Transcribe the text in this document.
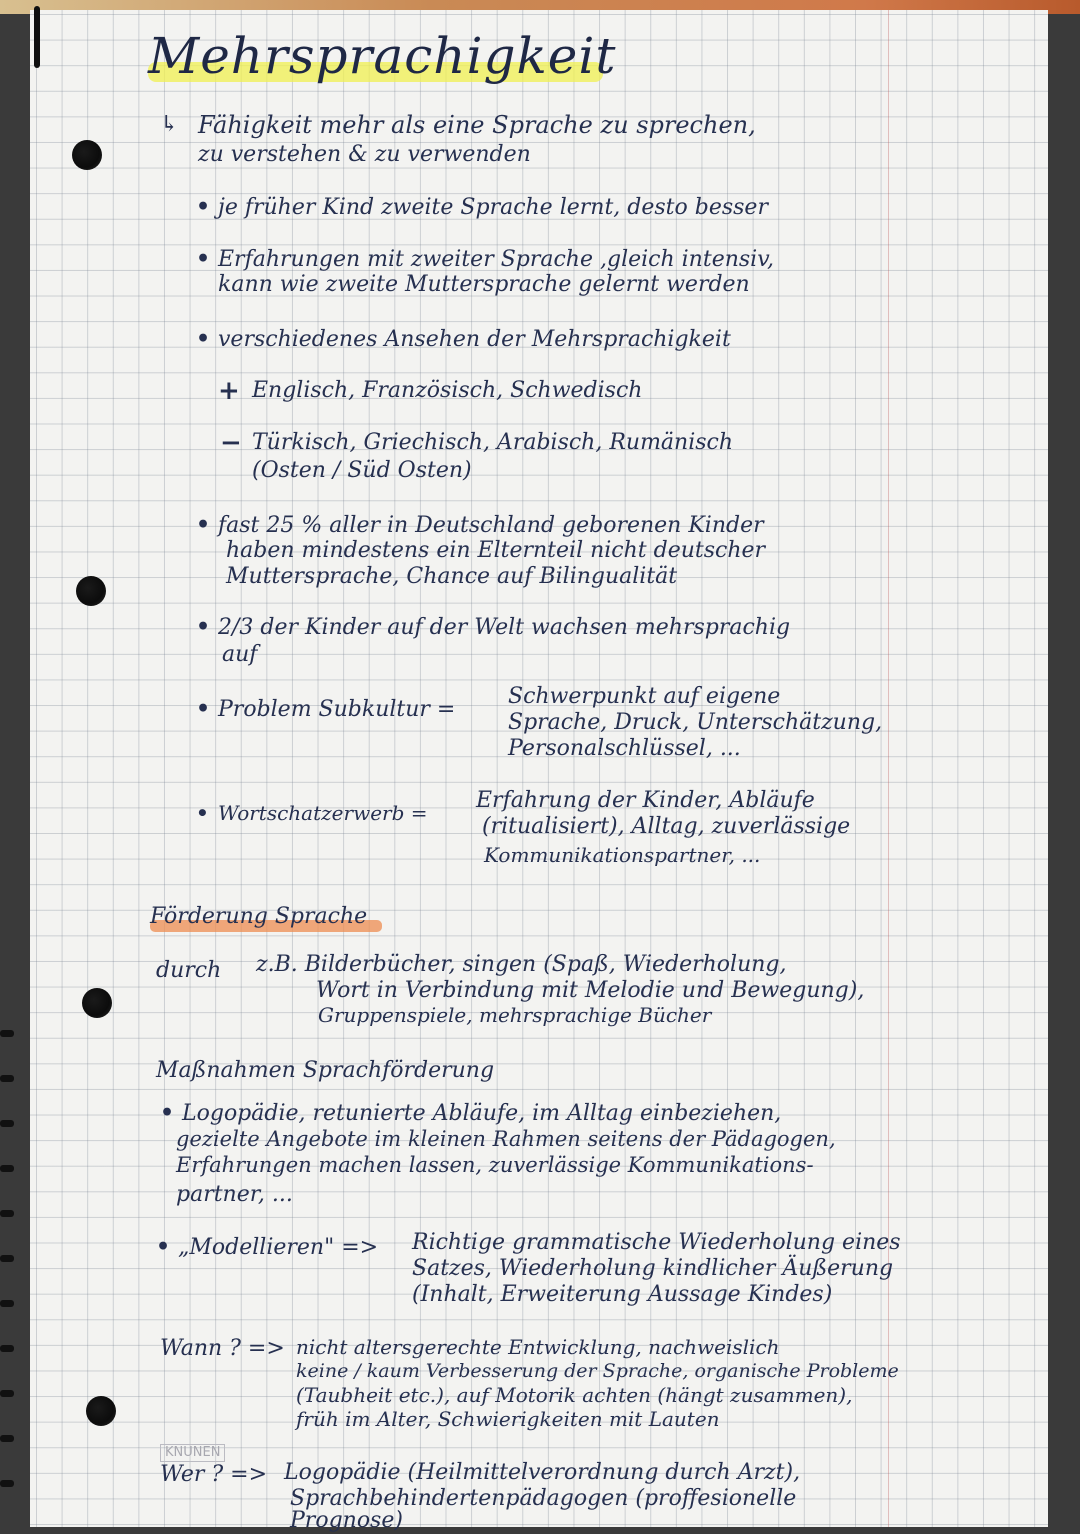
Mehrsprachigkeit
↳ Fähigkeit mehr als eine Sprache zu sprechen,
zu verstehen & zu verwenden
• je früher Kind zweite Sprache lernt, desto besser
• Erfahrungen mit zweiter Sprache ,gleich intensiv,
kann wie zweite Muttersprache gelernt werden
• verschiedenes Ansehen der Mehrsprachigkeit
+ Englisch, Französisch, Schwedisch
− Türkisch, Griechisch, Arabisch, Rumänisch
(Osten / Süd Osten)
• fast 25 % aller in Deutschland geborenen Kinder
haben mindestens ein Elternteil nicht deutscher
Muttersprache, Chance auf Bilingualität
• 2/3 der Kinder auf der Welt wachsen mehrsprachig
auf
• Problem Subkultur =
Schwerpunkt auf eigene
Sprache, Druck, Unterschätzung,
Personalschlüssel, ...
• Wortschatzerwerb = Erfahrung der Kinder, Abläufe
(ritualisiert), Alltag, zuverlässige
Kommunikationspartner, ...
Förderung Sprache
durch z.B. Bilderbücher, singen (Spaß, Wiederholung,
Wort in Verbindung mit Melodie und Bewegung),
Gruppenspiele, mehrsprachige Bücher
Maßnahmen Sprachförderung
• Logopädie, retunierte Abläufe, im Alltag einbeziehen,
gezielte Angebote im kleinen Rahmen seitens der Pädagogen,
Erfahrungen machen lassen, zuverlässige Kommunikations-
partner, ...
• „Modellieren" => Richtige grammatische Wiederholung eines
Satzes, Wiederholung kindlicher Äußerung
(Inhalt, Erweiterung Aussage Kindes)
Wann ? => nicht altersgerechte Entwicklung, nachweislich
keine / kaum Verbesserung der Sprache, organische Probleme
(Taubheit etc.), auf Motorik achten (hängt zusammen),
früh im Alter, Schwierigkeiten mit Lauten
KNUNEN
Wer ? => Logopädie (Heilmittelverordnung durch Arzt),
Sprachbehindertenpädagogen (proffesionelle
Prognose)
